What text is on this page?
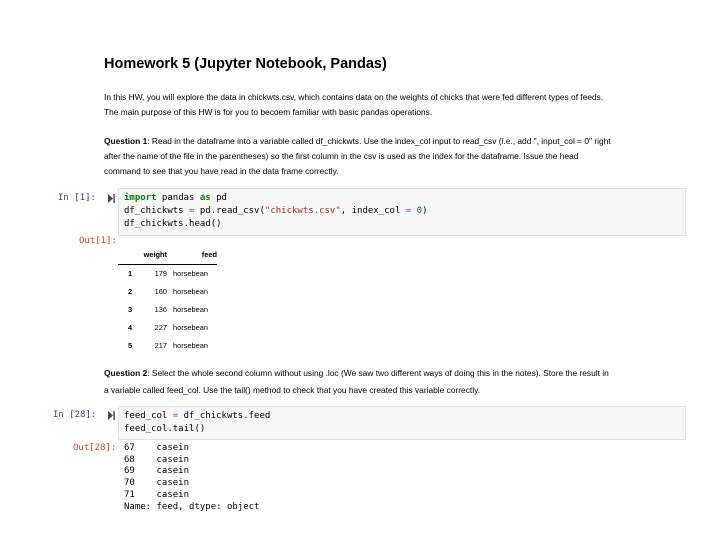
Homework 5 (Jupyter Notebook, Pandas)
In this HW, you will explore the data in chickwts.csv, which contains data on the weights of chicks that were fed different types of feeds.
The main purpose of this HW is for you to becoem familiar with basic pandas operations.
Question 1: Read in the dataframe into a variable called df_chickwts. Use the index_col input to read_csv (i.e., add ", input_col = 0" right
after the name of the file in the parentheses) so the first column in the csv is used as the index for the dataframe. Issue the head
command to see that you have read in the data frame correctly.
In [1]:	import pandas as pd
df_chickwts = pd.read_csv("chickwts.csv", index_col = 0)
df_chickwts.head()
Out[1]:
	weight	feed
1	179	horsebean
2	160	horsebean
3	136	horsebean
4	227	horsebean
5	217	horsebean
Question 2: Select the whole second column without using .loc (We saw two different ways of doing this in the notes). Store the result in
a variable called feed_col. Use the tail() method to check that you have created this variable correctly.
In [28]:	feed_col = df_chickwts.feed
feed_col.tail()
Out[28]: 67    casein
68    casein
69    casein
70    casein
71    casein
Name: feed, dtype: object
